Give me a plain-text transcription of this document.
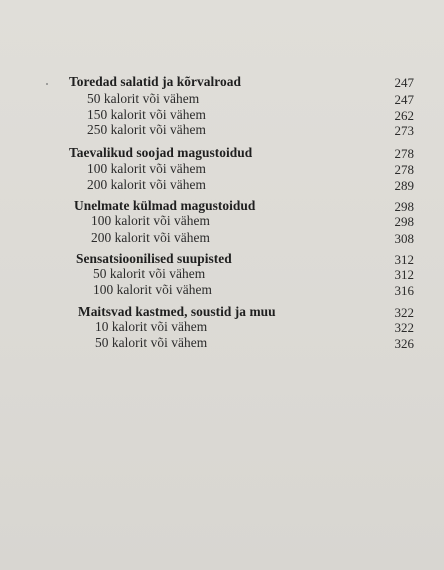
Toredad salatid ja kõrvalroad	247
50 kalorit või vähem	247
150 kalorit või vähem	262
250 kalorit või vähem	273
Taevalikud soojad magustoidud	278
100 kalorit või vähem	278
200 kalorit või vähem	289
Unelmate külmad magustoidud	298
100 kalorit või vähem	298
200 kalorit või vähem	308
Sensatsioonilised suupisted	312
50 kalorit või vähem	312
100 kalorit või vähem	316
Maitsvad kastmed, soustid ja muu	322
10 kalorit või vähem	322
50 kalorit või vähem	326
